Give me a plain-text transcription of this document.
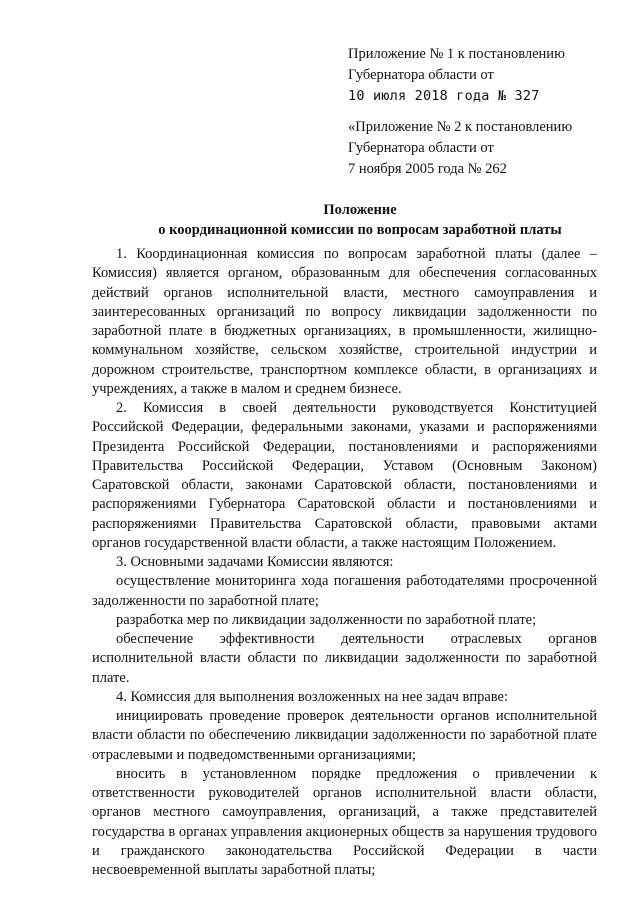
Приложение № 1 к постановлению
Губернатора области от
10 июля 2018 года № 327
«Приложение № 2 к постановлению
Губернатора области от
7 ноября 2005 года № 262
Положение
о координационной комиссии по вопросам заработной платы

1. Координационная комиссия по вопросам заработной платы (далее – Комиссия) является органом, образованным для обеспечения согласованных действий органов исполнительной власти, местного самоуправления и заинтересованных организаций по вопросу ликвидации задолженности по заработной плате в бюджетных организациях, в промышленности, жилищно-коммунальном хозяйстве, сельском хозяйстве, строительной индустрии и дорожном строительстве, транспортном комплексе области, в организациях и учреждениях, а также в малом и среднем бизнесе.

2. Комиссия в своей деятельности руководствуется Конституцией Российской Федерации, федеральными законами, указами и распоряжениями Президента Российской Федерации, постановлениями и распоряжениями Правительства Российской Федерации, Уставом (Основным Законом) Саратовской области, законами Саратовской области, постановлениями и распоряжениями Губернатора Саратовской области и постановлениями и распоряжениями Правительства Саратовской области, правовыми актами органов государственной власти области, а также настоящим Положением.

3. Основными задачами Комиссии являются:

осуществление мониторинга хода погашения работодателями просроченной задолженности по заработной плате;

разработка мер по ликвидации задолженности по заработной плате;

обеспечение эффективности деятельности отраслевых органов исполнительной власти области по ликвидации задолженности по заработной плате.

4. Комиссия для выполнения возложенных на нее задач вправе:

инициировать проведение проверок деятельности органов исполнительной власти области по обеспечению ликвидации задолженности по заработной плате отраслевыми и подведомственными организациями;

вносить в установленном порядке предложения о привлечении к ответственности руководителей органов исполнительной власти области, органов местного самоуправления, организаций, а также представителей государства в органах управления акционерных обществ за нарушения трудового и гражданского законодательства Российской Федерации в части несвоевременной выплаты заработной платы;
